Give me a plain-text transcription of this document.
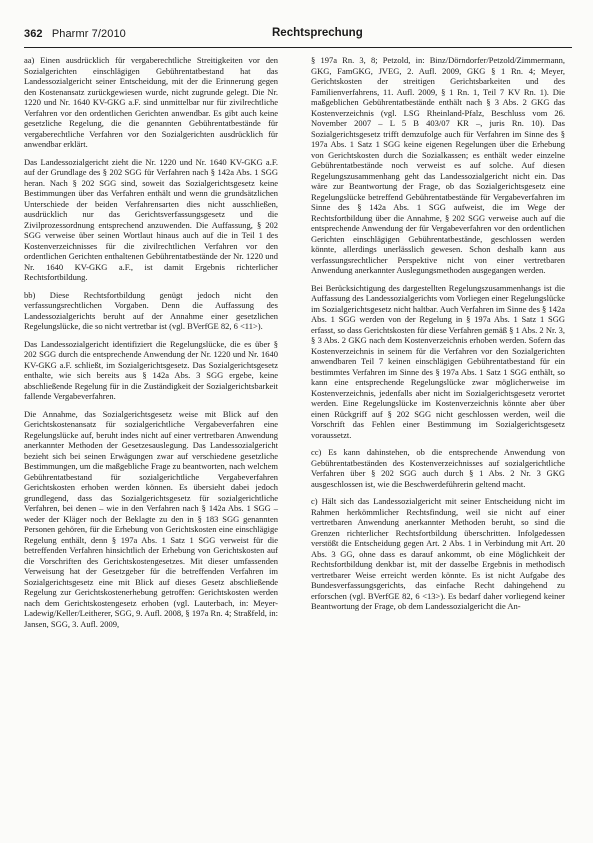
362 Pharmr 7/2010	Rechtsprechung

aa) Einen ausdrücklich für vergaberechtliche Streitigkeiten vor den Sozialgerichten einschlägigen Gebührentatbestand hat das Landessozialgericht seiner Entscheidung, mit der die Erinnerung gegen den Kostenansatz zurückgewiesen wurde, nicht zugrunde gelegt. Die Nr. 1220 und Nr. 1640 KV-GKG a.F. sind unmittelbar nur für zivilrechtliche Verfahren vor den ordentlichen Gerichten anwendbar. Es gibt auch keine gesetzliche Regelung, die die genannten Gebührentatbestände für vergaberechtliche Verfahren vor den Sozialgerichten ausdrücklich für anwendbar erklärt.

Das Landessozialgericht zieht die Nr. 1220 und Nr. 1640 KV-GKG a.F. auf der Grundlage des § 202 SGG für Verfahren nach § 142a Abs. 1 SGG heran. Nach § 202 SGG sind, soweit das Sozialgerichtsgesetz keine Bestimmungen über das Verfahren enthält und wenn die grundsätzlichen Unterschiede der beiden Verfahrensarten dies nicht ausschließen, ausdrücklich nur das Gerichtsverfassungsgesetz und die Zivilprozessordnung entsprechend anzuwenden. Die Auffassung, § 202 SGG verweise über seinen Wortlaut hinaus auch auf die in Teil 1 des Kostenverzeichnisses für die zivilrechtlichen Verfahren vor den ordentlichen Gerichten enthaltenen Gebührentatbestände der Nr. 1220 und Nr. 1640 KV-GKG a.F., ist damit Ergebnis richterlicher Rechtsfortbildung.

bb) Diese Rechtsfortbildung genügt jedoch nicht den verfassungsrechtlichen Vorgaben. Denn die Auffassung des Landessozialgerichts beruht auf der Annahme einer gesetzlichen Regelungslücke, die so nicht vertretbar ist (vgl. BVerfGE 82, 6 <11>).

Das Landessozialgericht identifiziert die Regelungslücke, die es über § 202 SGG durch die entsprechende Anwendung der Nr. 1220 und Nr. 1640 KV-GKG a.F. schließt, im Sozialgerichtsgesetz. Das Sozialgerichtsgesetz enthalte, wie sich bereits aus § 142a Abs. 3 SGG ergebe, keine abschließende Regelung für in die Zuständigkeit der Sozialgerichtsbarkeit fallende Vergabeverfahren.

Die Annahme, das Sozialgerichtsgesetz weise mit Blick auf den Gerichtskostenansatz für sozialgerichtliche Vergabeverfahren eine Regelungslücke auf, beruht indes nicht auf einer vertretbaren Anwendung anerkannter Methoden der Gesetzesauslegung. Das Landessozialgericht bezieht sich bei seinen Erwägungen zwar auf verschiedene gesetzliche Bestimmungen, um die maßgebliche Frage zu beantworten, nach welchem Gebührentatbestand für sozialgerichtliche Vergabeverfahren Gerichtskosten erhoben werden können. Es übersieht dabei jedoch grundlegend, dass das Sozialgerichtsgesetz für sozialgerichtliche Verfahren, bei denen – wie in den Verfahren nach § 142a Abs. 1 SGG – weder der Kläger noch der Beklagte zu den in § 183 SGG genannten Personen gehören, für die Erhebung von Gerichtskosten eine einschlägige Regelung enthält, denn § 197a Abs. 1 Satz 1 SGG verweist für die betreffenden Verfahren hinsichtlich der Erhebung von Gerichtskosten auf die Vorschriften des Gerichtskostengesetzes. Mit dieser umfassenden Verweisung hat der Gesetzgeber für die betreffenden Verfahren im Sozialgerichtsgesetz eine mit Blick auf dieses Gesetz abschließende Regelung zur Gerichtskostenerhebung getroffen: Gerichtskosten werden nach dem Gerichtskostengesetz erhoben (vgl. Lauterbach, in: Meyer-Ladewig/Keller/Leitherer, SGG, 9. Aufl. 2008, § 197a Rn. 4; Straßfeld, in: Jansen, SGG, 3. Aufl. 2009,

§ 197a Rn. 3, 8; Petzold, in: Binz/Dörndorfer/Petzold/Zimmermann, GKG, FamGKG, JVEG, 2. Aufl. 2009, GKG § 1 Rn. 4; Meyer, Gerichtskosten der streitigen Gerichtsbarkeiten und des Familienverfahrens, 11. Aufl. 2009, § 1 Rn. 1, Teil 7 KV Rn. 1). Die maßgeblichen Gebührentatbestände enthält nach § 3 Abs. 2 GKG das Kostenverzeichnis (vgl. LSG Rheinland-Pfalz, Beschluss vom 26. November 2007 – L 5 B 403/07 KR –, juris Rn. 10). Das Sozialgerichtsgesetz trifft demzufolge auch für Verfahren im Sinne des § 197a Abs. 1 Satz 1 SGG keine eigenen Regelungen über die Erhebung von Gerichtskosten durch die Sozialkassen; es enthält weder einzelne Gebührentatbestände noch verweist es auf solche. Auf diesen Regelungszusammenhang geht das Landessozialgericht nicht ein. Das wäre zur Beantwortung der Frage, ob das Sozialgerichtsgesetz eine Regelungslücke betreffend Gebührentatbestände für Vergabeverfahren im Sinne des § 142a Abs. 1 SGG aufweist, die im Wege der Rechtsfortbildung über die Annahme, § 202 SGG verweise auch auf die entsprechende Anwendung der für Vergabeverfahren vor den ordentlichen Gerichten einschlägigen Gebührentatbestände, geschlossen werden könnte, allerdings unerlässlich gewesen. Schon deshalb kann aus verfassungsrechtlicher Perspektive nicht von einer vertretbaren Anwendung anerkannter Auslegungsmethoden ausgegangen werden.

Bei Berücksichtigung des dargestellten Regelungszusammenhangs ist die Auffassung des Landessozialgerichts vom Vorliegen einer Regelungslücke im Sozialgerichtsgesetz nicht haltbar. Auch Verfahren im Sinne des § 142a Abs. 1 SGG werden von der Regelung in § 197a Abs. 1 Satz 1 SGG erfasst, so dass Gerichtskosten für diese Verfahren gemäß § 1 Abs. 2 Nr. 3, § 3 Abs. 2 GKG nach dem Kostenverzeichnis erhoben werden. Sofern das Kostenverzeichnis in seinem für die Verfahren vor den Sozialgerichten anwendbaren Teil 7 keinen einschlägigen Gebührentatbestand für ein bestimmtes Verfahren im Sinne des § 197a Abs. 1 Satz 1 SGG enthält, so kann eine entsprechende Regelungslücke zwar möglicherweise im Kostenverzeichnis, jedenfalls aber nicht im Sozialgerichtsgesetz verortet werden. Eine Regelungslücke im Kostenverzeichnis könnte aber über einen Rückgriff auf § 202 SGG nicht geschlossen werden, weil die Vorschrift das Fehlen einer Bestimmung im Sozialgerichtsgesetz voraussetzt.

cc) Es kann dahinstehen, ob die entsprechende Anwendung von Gebührentatbeständen des Kostenverzeichnisses auf sozialgerichtliche Verfahren über § 202 SGG auch durch § 1 Abs. 2 Nr. 3 GKG ausgeschlossen ist, wie die Beschwerdeführerin geltend macht.

c) Hält sich das Landessozialgericht mit seiner Entscheidung nicht im Rahmen herkömmlicher Rechtsfindung, weil sie nicht auf einer vertretbaren Anwendung anerkannter Methoden beruht, so sind die Grenzen richterlicher Rechtsfortbildung überschritten. Infolgedessen verstößt die Entscheidung gegen Art. 2 Abs. 1 in Verbindung mit Art. 20 Abs. 3 GG, ohne dass es darauf ankommt, ob eine Möglichkeit der Rechtsfortbildung denkbar ist, mit der dasselbe Ergebnis in methodisch vertretbarer Weise erreicht werden könnte. Es ist nicht Aufgabe des Bundesverfassungsgerichts, das einfache Recht dahingehend zu erforschen (vgl. BVerfGE 82, 6 <13>). Es bedarf daher vorliegend keiner Beantwortung der Frage, ob dem Landessozialgericht die An-
